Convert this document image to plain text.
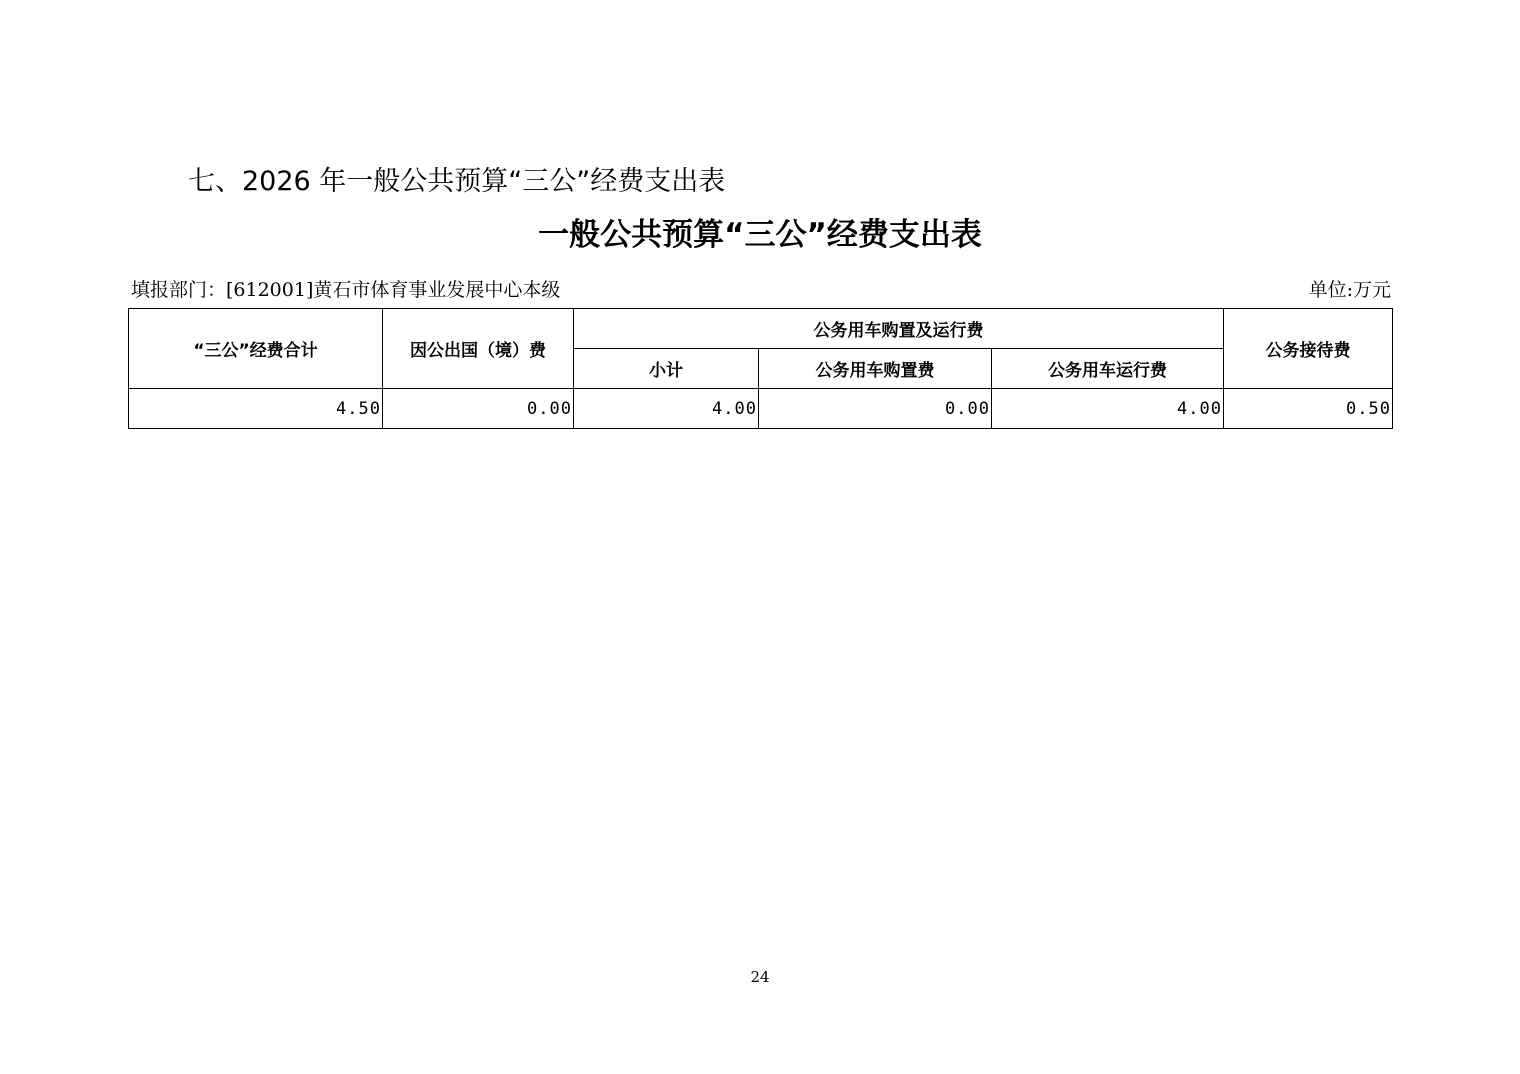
七、2026 年一般公共预算“三公”经费支出表
一般公共预算“三公”经费支出表
填报部门：[612001]黄石市体育事业发展中心本级	单位:万元
“三公”经费合计	因公出国（境）费	公务用车购置及运行费			公务接待费
		小计	公务用车购置费	公务用车运行费	
4.50	0.00	4.00	0.00	4.00	0.50
24
